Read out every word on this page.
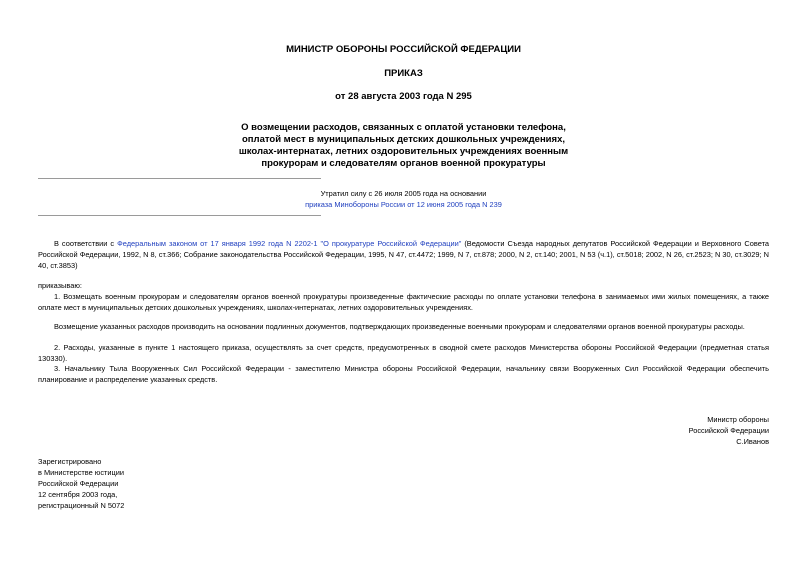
МИНИСТР ОБОРОНЫ РОССИЙСКОЙ ФЕДЕРАЦИИ
ПРИКАЗ
от 28 августа 2003 года N 295
О возмещении расходов, связанных с оплатой установки телефона,
оплатой мест в муниципальных детских дошкольных учреждениях,
школах-интернатах, летних оздоровительных учреждениях военным
прокурорам и следователям органов военной прокуратуры
Утратил силу с 26 июля 2005 года на основании
приказа Минобороны России от 12 июня 2005 года N 239
В соответствии с Федеральным законом от 17 января 1992 года N 2202-1 "О прокуратуре Российской Федерации" (Ведомости Съезда народных депутатов Российской Федерации и Верховного Совета Российской Федерации, 1992, N 8, ст.366; Собрание законодательства Российской Федерации, 1995, N 47, ст.4472; 1999, N 7, ст.878; 2000, N 2, ст.140; 2001, N 53 (ч.1), ст.5018; 2002, N 26, ст.2523; N 30, ст.3029; N 40, ст.3853)
приказываю:
1. Возмещать военным прокурорам и следователям органов военной прокуратуры произведенные фактические расходы по оплате установки телефона в занимаемых ими жилых помещениях, а также оплате мест в муниципальных детских дошкольных учреждениях, школах-интернатах, летних оздоровительных учреждениях.
Возмещение указанных расходов производить на основании подлинных документов, подтверждающих произведенные военными прокурорам и следователями органов военной прокуратуры расходы.
2. Расходы, указанные в пункте 1 настоящего приказа, осуществлять за счет средств, предусмотренных в сводной смете расходов Министерства обороны Российской Федерации (предметная статья 130330).
3. Начальнику Тыла Вооруженных Сил Российской Федерации - заместителю Министра обороны Российской Федерации, начальнику связи Вооруженных Сил Российской Федерации обеспечить планирование и распределение указанных средств.
Министр обороны
Российской Федерации
С.Иванов
Зарегистрировано
в Министерстве юстиции
Российской Федерации
12 сентября 2003 года,
регистрационный N 5072
